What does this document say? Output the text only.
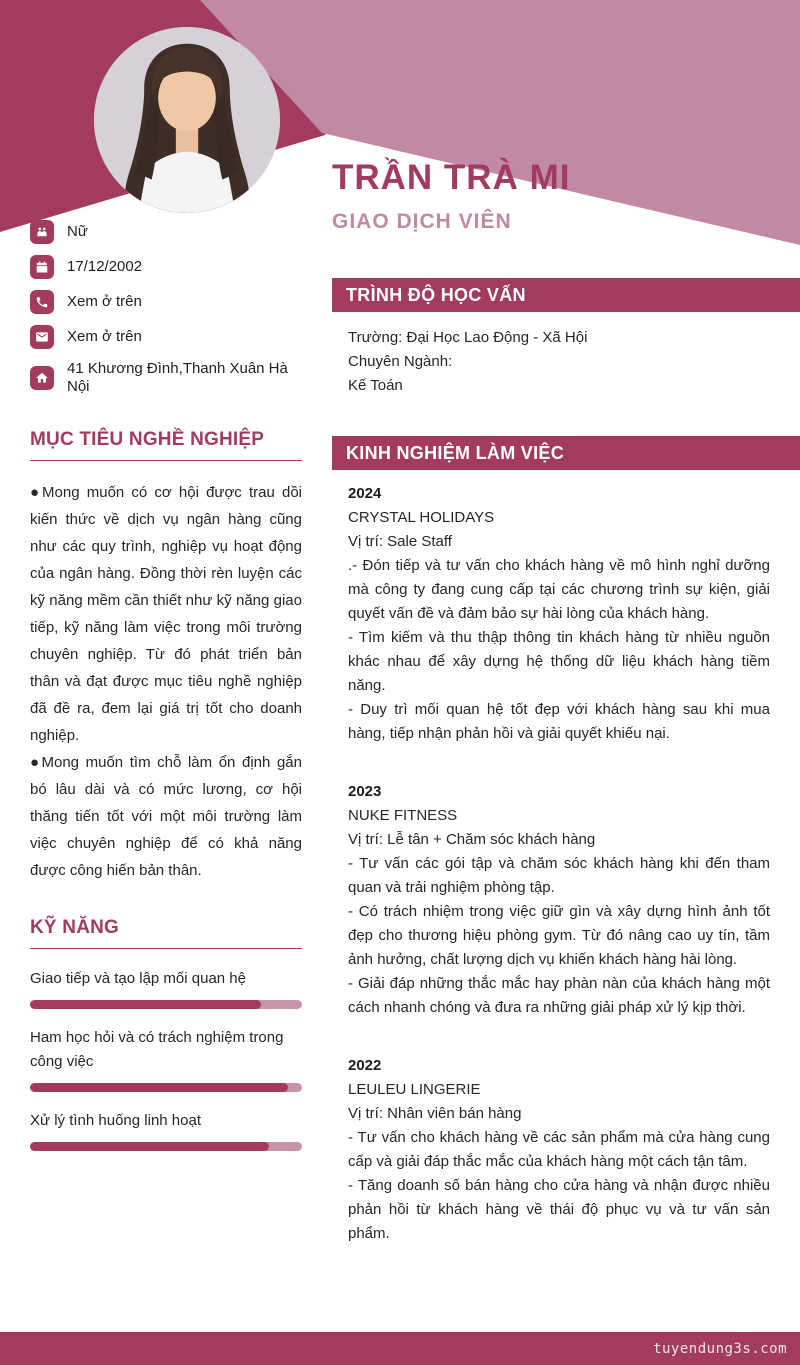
Nữ
17/12/2002
Xem ở trên
Xem ở trên
41 Khương Đình,Thanh Xuân Hà Nội
MỤC TIÊU NGHỀ NGHIỆP

●Mong muốn có cơ hội được trau dồi kiến thức về dịch vụ ngân hàng cũng như các quy trình, nghiệp vụ hoạt động của ngân hàng. Đồng thời rèn luyện các kỹ năng mềm cần thiết như kỹ năng giao tiếp, kỹ năng làm việc trong môi trường chuyên nghiệp. Từ đó phát triển bản thân và đạt được mục tiêu nghề nghiệp đã đề ra, đem lại giá trị tốt cho doanh nghiệp.

●Mong muốn tìm chỗ làm ổn định gắn bó lâu dài và có mức lương, cơ hội thăng tiến tốt với một môi trường làm việc chuyên nghiệp để có khả năng được công hiến bản thân.

KỸ NĂNG
Giao tiếp và tạo lập mối quan hệ
Ham học hỏi và có trách nghiệm trong công việc
Xử lý tình huống linh hoạt
TRẦN TRÀ MI
GIAO DỊCH VIÊN
TRÌNH ĐỘ HỌC VẤN
Trường: Đại Học Lao Động - Xã Hội
Chuyên Ngành:
Kế Toán
KINH NGHIỆM LÀM VIỆC
2024
CRYSTAL HOLIDAYS
Vị trí: Sale Staff

.- Đón tiếp và tư vấn cho khách hàng về mô hình nghỉ dưỡng mà công ty đang cung cấp tại các chương trình sự kiện, giải quyết vấn đề và đảm bảo sự hài lòng của khách hàng.

- Tìm kiếm và thu thập thông tin khách hàng từ nhiều nguồn khác nhau để xây dựng hệ thống dữ liệu khách hàng tiềm năng.

- Duy trì mối quan hệ tốt đẹp với khách hàng sau khi mua hàng, tiếp nhận phản hồi và giải quyết khiếu nại.

2023
NUKE FITNESS
Vị trí: Lễ tân + Chăm sóc khách hàng

- Tư vấn các gói tập và chăm sóc khách hàng khi đến tham quan và trải nghiệm phòng tập.

- Có trách nhiệm trong việc giữ gìn và xây dựng hình ảnh tốt đẹp cho thương hiệu phòng gym. Từ đó nâng cao uy tín, tầm ảnh hưởng, chất lượng dịch vụ khiến khách hàng hài lòng.

- Giải đáp những thắc mắc hay phàn nàn của khách hàng một cách nhanh chóng và đưa ra những giải pháp xử lý kịp thời.

2022
LEULEU LINGERIE
Vị trí: Nhân viên bán hàng

- Tư vấn cho khách hàng về các sản phẩm mà cửa hàng cung cấp và giải đáp thắc mắc của khách hàng một cách tận tâm.

- Tăng doanh số bán hàng cho cửa hàng và nhận được nhiều phản hồi từ khách hàng về thái độ phục vụ và tư vấn sản phẩm.

tuyendung3s.com
